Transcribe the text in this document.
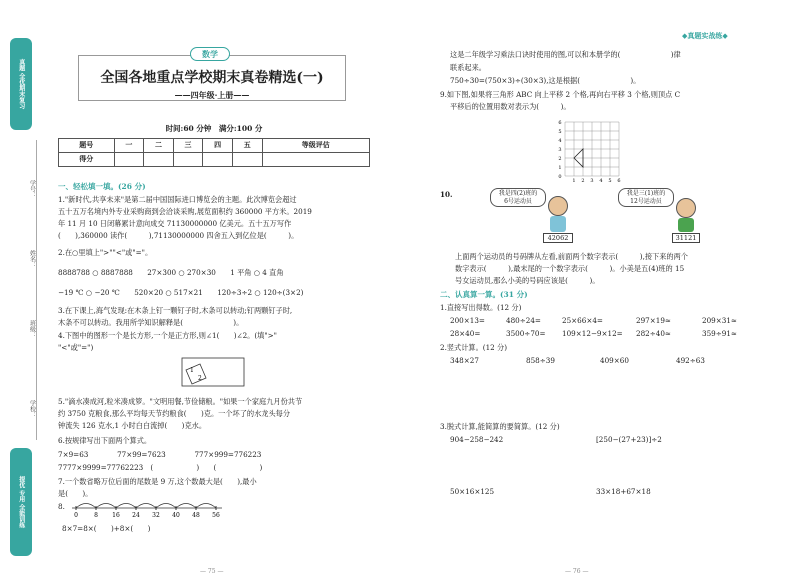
真题 全优期末复习
提优 专用 全能训练
学号：
姓名：
班级：
学校：
数学
全国各地重点学校期末真卷精选(一)
——四年级·上册——
时间:60 分钟　满分:100 分
◆真题实战练◆
题号	一	二	三	四	五	等级评估
得分						
一、轻松填一填。(26 分)
1."新时代,共享未来"是第二届中国国际进口博览会的主题。此次博览会超过
五十五万名境内外专业采购商到会洽谈采购,展览面积约 360000 平方米。2019
年 11 月 10 日闭幕累计意向成交 71130000000 亿美元。五十五万写作
(　　),360000 读作(　　　),71130000000 四舍五入到亿位是(　　　)。
2.在○里填上">""<"或"="。
8888788 ○ 8887888　　27×300 ○ 270×30　　1 平角 ○ 4 直角
−19 ℃ ○ −20 ℃　　520×20 ○ 517×21　　120÷3÷2 ○ 120÷(3×2)
3.在下课上,海气发现:在木条上钉一颗钉子时,木条可以转动;钉两颗钉子时,
木条不可以转动。我用所学知识解释是(　　　　　　　)。
4.下图中的图形一个是长方形,一个是正方形,则∠1(　　)∠2。(填">"
"<"或"=")
1
2
5."滴水凑成河,粒米凑成箩。"文明用餐,节俭储粮。"如果一个家庭九月份共节
约 3750 克粮食,那么平均每天节约粮食(　　)克。一个坏了的水龙头每分
钟流失 126 克水,1 小时白白流掉(　　)克水。
6.按规律写出下面两个算式。
7×9=63　　　　77×99=7623　　　　777×999=776223
7777×9999=77762223　(　　　　　　)　　(　　　　　　)
7.一个数省略万位后面的尾数是 9 万,这个数最大是(　　),最小
是(　　)。
8.
0	8 16 24 32 40 48 56
8×7=8×(　　)+8×(　　)
— 75 —
这是二年级学习乘法口诀时使用的图,可以和本册学的(　　　　　　　)律
联系起来。
750÷30=(750×3)÷(30×3),这是根据(　　　　　　　)。
9.如下图,如果将三角形 ABC 向上平移 2 个格,再向右平移 3 个格,则顶点 C
平移后的位置用数对表示为(　　　)。
6
5
4
3
2
1
0
1 2 3 4 5 6
10.	我是四(2)班的
6号运动员
42062
我是三(1)班的
12号运动员
31121
上面两个运动员的号码牌从左看,前面两个数字表示(　　　),接下来的两个
数字表示(　　　),最末尾的一个数字表示(　　　)。小美是五(4)班的 15
号女运动员,那么小美的号码应该是(　　　)。
二、认真算一算。(31 分)
1.直接写出得数。(12 分)
200×13=	480÷24=	25×66×4=	297×19≈	209×31≈
28×40=	3500÷70= 109×12−9×12= 282÷40≈	359÷91≈
2.竖式计算。(12 分)
348×27	858÷39	409×60	492÷63
3.脱式计算,能简算的要简算。(12 分)
904−258−242	[250−(27+23)]÷2
50×16×125	33×18+67×18
— 76 —
